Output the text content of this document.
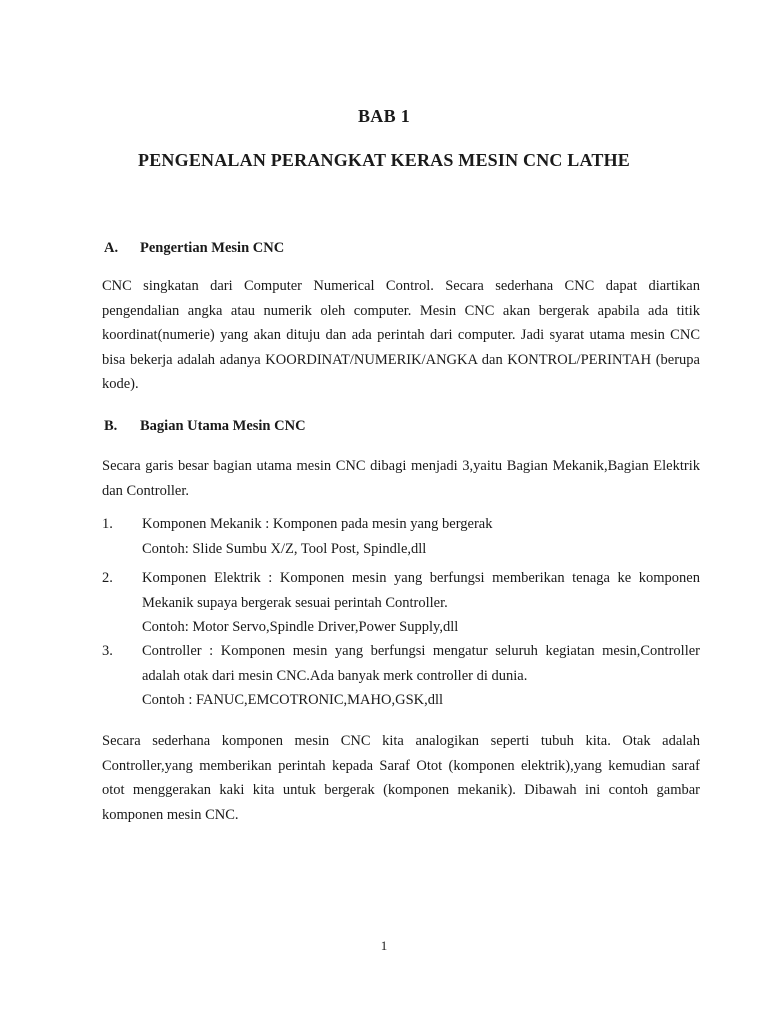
BAB 1
PENGENALAN PERANGKAT KERAS MESIN CNC LATHE
A. Pengertian Mesin CNC
CNC singkatan dari Computer Numerical Control. Secara sederhana CNC dapat diartikan pengendalian angka atau numerik oleh computer. Mesin CNC akan bergerak apabila ada titik koordinat(numerie) yang akan dituju dan ada perintah dari computer. Jadi syarat utama mesin CNC bisa bekerja adalah adanya KOORDINAT/NUMERIK/ANGKA dan KONTROL/PERINTAH (berupa kode).
B. Bagian Utama Mesin CNC
Secara garis besar bagian utama mesin CNC dibagi menjadi 3,yaitu Bagian Mekanik,Bagian Elektrik dan Controller.
1.	Komponen Mekanik : Komponen pada mesin yang bergerak
Contoh: Slide Sumbu X/Z, Tool Post, Spindle,dll
2.	Komponen Elektrik : Komponen mesin yang berfungsi memberikan tenaga ke komponen Mekanik supaya bergerak sesuai perintah Controller.
Contoh: Motor Servo,Spindle Driver,Power Supply,dll
3.	Controller : Komponen mesin yang berfungsi mengatur seluruh kegiatan mesin,Controller adalah otak dari mesin CNC.Ada banyak merk controller di dunia.
Contoh : FANUC,EMCOTRONIC,MAHO,GSK,dll
Secara sederhana komponen mesin CNC kita analogikan seperti tubuh kita. Otak adalah Controller,yang memberikan perintah kepada Saraf Otot (komponen elektrik),yang kemudian saraf otot menggerakan kaki kita untuk bergerak (komponen mekanik). Dibawah ini contoh gambar komponen mesin CNC.
1
